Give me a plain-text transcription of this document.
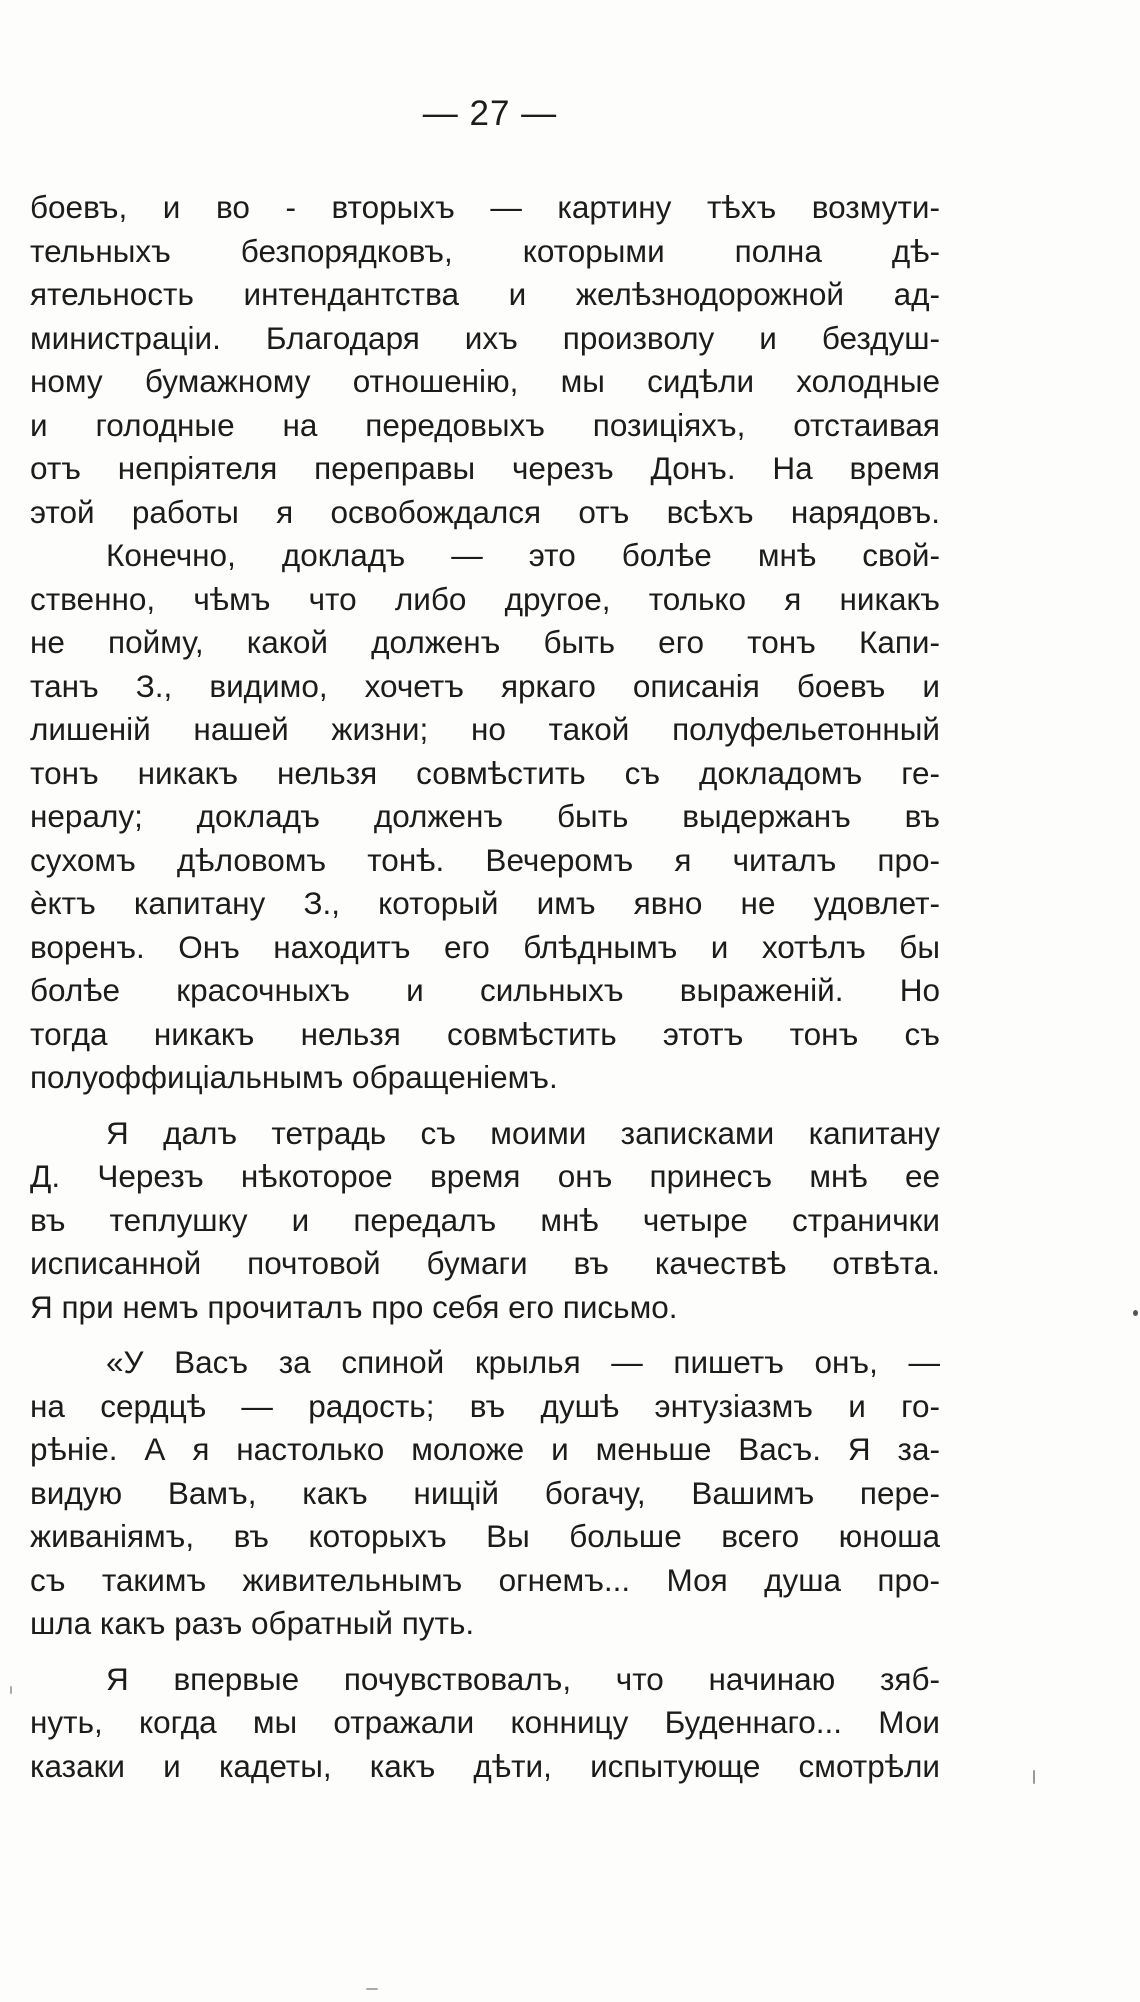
— 27 —
боевъ, и во - вторыхъ — картину тѣхъ возмути-
тельныхъ безпорядковъ, которыми полна дѣ-
ятельность интендантства и желѣзнодорожной ад-
министраціи. Благодаря ихъ произволу и бездуш-
ному бумажному отношенію, мы сидѣли холодные
и голодные на передовыхъ позиціяхъ, отстаивая
отъ непріятеля переправы черезъ Донъ. На время
этой работы я освобождался отъ всѣхъ нарядовъ.
Конечно, докладъ — это болѣе мнѣ свой-
ственно, чѣмъ что либо другое, только я никакъ
не пойму, какой долженъ быть его тонъ Капи-
танъ З., видимо, хочетъ яркаго описанія боевъ и
лишеній нашей жизни; но такой полуфельетонный
тонъ никакъ нельзя совмѣстить съ докладомъ ге-
нералу; докладъ долженъ быть выдержанъ въ
сухомъ дѣловомъ тонѣ. Вечеромъ я читалъ про-
ѐктъ капитану З., который имъ явно не удовлет-
воренъ. Онъ находитъ его блѣднымъ и хотѣлъ бы
болѣе красочныхъ и сильныхъ выраженій. Но
тогда никакъ нельзя совмѣстить этотъ тонъ съ
полуоффиціальнымъ обращеніемъ.
Я далъ тетрадь съ моими записками капитану
Д. Черезъ нѣкоторое время онъ принесъ мнѣ ее
въ теплушку и передалъ мнѣ четыре странички
исписанной почтовой бумаги въ качествѣ отвѣта.
Я при немъ прочиталъ про себя его письмо.
«У Васъ за спиной крылья — пишетъ онъ, —
на сердцѣ — радость; въ душѣ энтузіазмъ и го-
рѣніе. А я настолько моложе и меньше Васъ. Я за-
видую Вамъ, какъ нищій богачу, Вашимъ пере-
живаніямъ, въ которыхъ Вы больше всего юноша
съ такимъ живительнымъ огнемъ... Моя душа про-
шла какъ разъ обратный путь.
Я впервые почувствовалъ, что начинаю зяб-
нуть, когда мы отражали конницу Буденнаго... Мои
казаки и кадеты, какъ дѣти, испытующе смотрѣли
